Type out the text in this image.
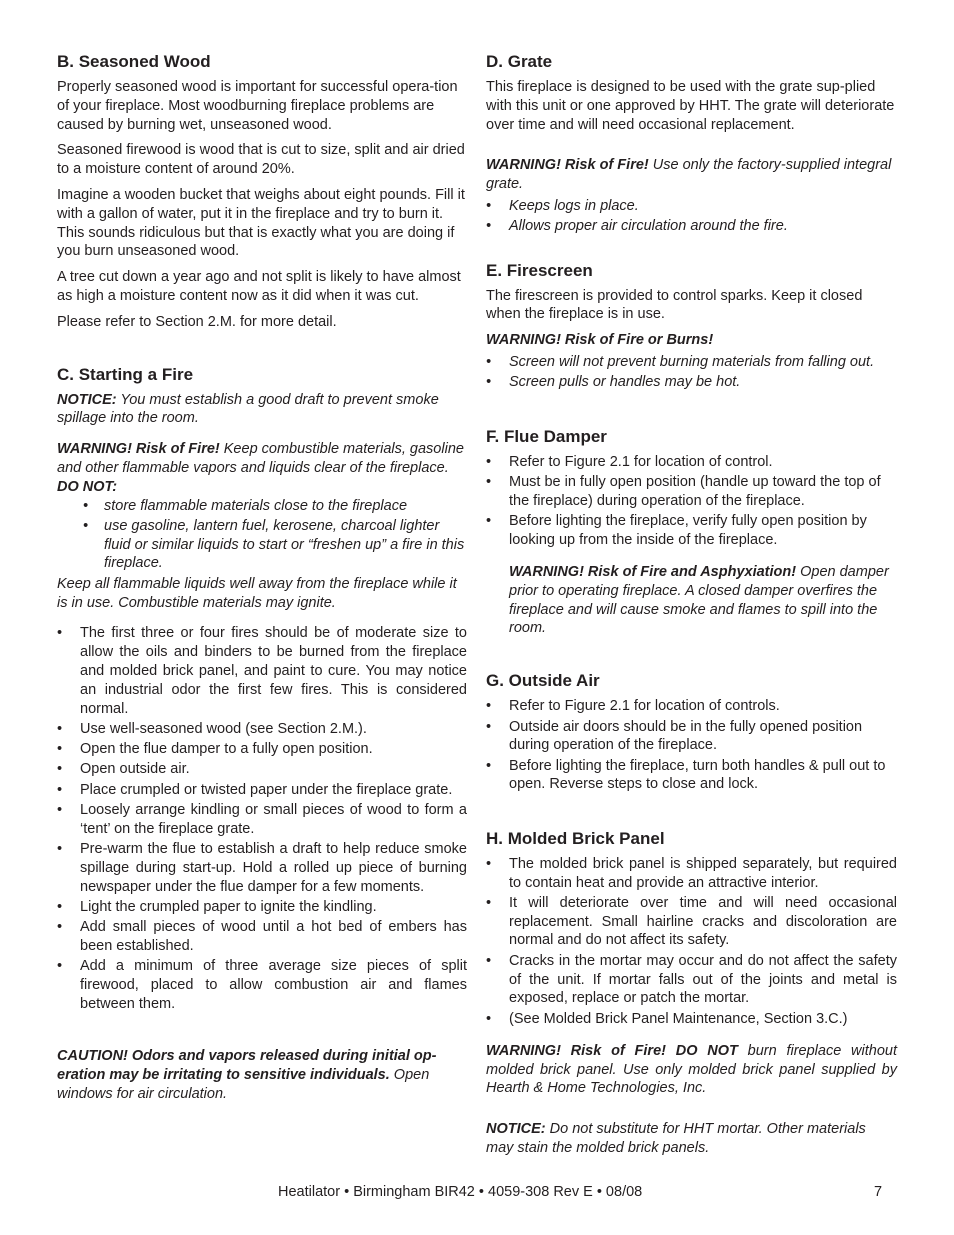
B. Seasoned Wood

Properly seasoned wood is important for successful opera-tion of your fireplace. Most woodburning fireplace problems are caused by burning wet, unseasoned wood.

Seasoned firewood is wood that is cut to size, split and air dried to a moisture content of around 20%.

Imagine a wooden bucket that weighs about eight pounds. Fill it with a gallon of water, put it in the fireplace and try to burn it. This sounds ridiculous but that is exactly what you are doing if you burn unseasoned wood.

A tree cut down a year ago and not split is likely to have almost as high a moisture content now as it did when it was cut.

Please refer to Section 2.M. for more detail.

C. Starting a Fire

NOTICE: You must establish a good draft to prevent smoke spillage into the room.

WARNING! Risk of Fire! Keep combustible materials, gasoline and other flammable vapors and liquids clear of the fireplace.

DO NOT:

• store flammable materials close to the fireplace
• use gasoline, lantern fuel, kerosene, charcoal lighter fluid or similar liquids to start or “freshen up” a fire in this fireplace.

Keep all flammable liquids well away from the fireplace while it is in use. Combustible materials may ignite.

• The first three or four fires should be of moderate size to allow the oils and binders to be burned from the fireplace and molded brick panel, and paint to cure. You may notice an industrial odor the first few fires. This is considered normal.
• Use well-seasoned wood (see Section 2.M.).
• Open the flue damper to a fully open position.
• Open outside air.
• Place crumpled or twisted paper under the fireplace grate.
• Loosely arrange kindling or small pieces of wood to form a ‘tent’ on the fireplace grate.
• Pre-warm the flue to establish a draft to help reduce smoke spillage during start-up. Hold a rolled up piece of burning newspaper under the flue damper for a few moments.
• Light the crumpled paper to ignite the kindling.
• Add small pieces of wood until a hot bed of embers has been established.
• Add a minimum of three average size pieces of split firewood, placed to allow combustion air and flames between them.

CAUTION! Odors and vapors released during initial op-eration may be irritating to sensitive individuals. Open windows for air circulation.

D. Grate

This fireplace is designed to be used with the grate sup-plied with this unit or one approved by HHT. The grate will deteriorate over time and will need occasional replacement.

WARNING! Risk of Fire! Use only the factory-supplied integral grate.

• Keeps logs in place.
• Allows proper air circulation around the fire.
E. Firescreen

The firescreen is provided to control sparks. Keep it closed when the fireplace is in use.

WARNING! Risk of Fire or Burns!

• Screen will not prevent burning materials from falling out.
• Screen pulls or handles may be hot.
F. Flue Damper
• Refer to Figure 2.1 for location of control.
• Must be in fully open position (handle up toward the top of the fireplace) during operation of the fireplace.
• Before lighting the fireplace, verify fully open position by looking up from the inside of the fireplace.

WARNING! Risk of Fire and Asphyxiation! Open damper prior to operating fireplace. A closed damper overfires the fireplace and will cause smoke and flames to spill into the room.

G. Outside Air
• Refer to Figure 2.1 for location of controls.
• Outside air doors should be in the fully opened position during operation of the fireplace.
• Before lighting the fireplace, turn both handles & pull out to open. Reverse steps to close and lock.
H. Molded Brick Panel
• The molded brick panel is shipped separately, but required to contain heat and provide an attractive interior.
• It will deteriorate over time and will need occasional replacement. Small hairline cracks and discoloration are normal and do not affect its safety.
• Cracks in the mortar may occur and do not affect the safety of the unit. If mortar falls out of the joints and metal is exposed, replace or patch the mortar.
• (See Molded Brick Panel Maintenance, Section 3.C.)

WARNING! Risk of Fire! DO NOT burn fireplace without molded brick panel. Use only molded brick panel supplied by Hearth & Home Technologies, Inc.

NOTICE: Do not substitute for HHT mortar. Other materials may stain the molded brick panels.

Heatilator • Birmingham BIR42 • 4059-308 Rev E • 08/08	7
